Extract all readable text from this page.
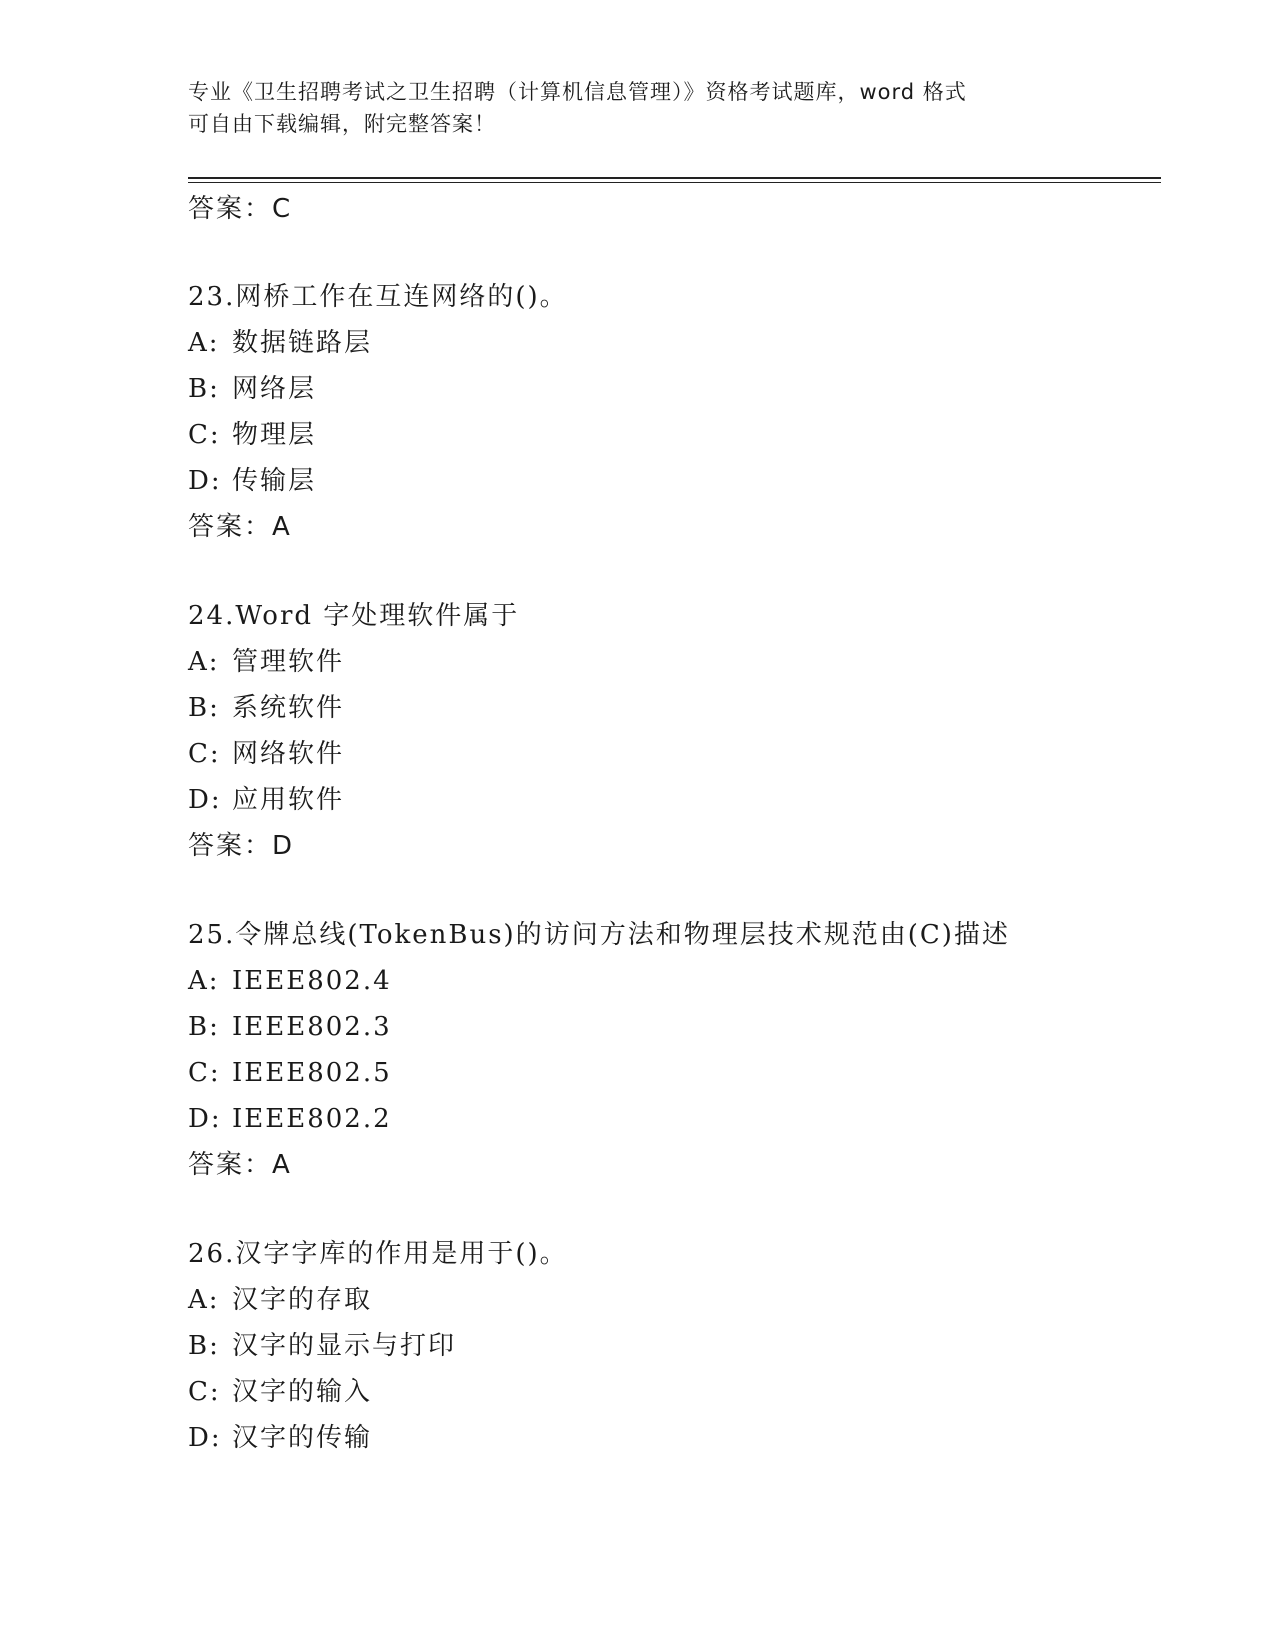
专业《卫生招聘考试之卫生招聘（计算机信息管理）》资格考试题库，word 格式
可自由下载编辑，附完整答案！
答案：C
23.网桥工作在互连网络的()。
A: 数据链路层
B: 网络层
C: 物理层
D: 传输层
答案：A
24.Word 字处理软件属于
A: 管理软件
B: 系统软件
C: 网络软件
D: 应用软件
答案：D
25.令牌总线(TokenBus)的访问方法和物理层技术规范由(C)描述
A: IEEE802.4
B: IEEE802.3
C: IEEE802.5
D: IEEE802.2
答案：A
26.汉字字库的作用是用于()。
A: 汉字的存取
B: 汉字的显示与打印
C: 汉字的输入
D: 汉字的传输
